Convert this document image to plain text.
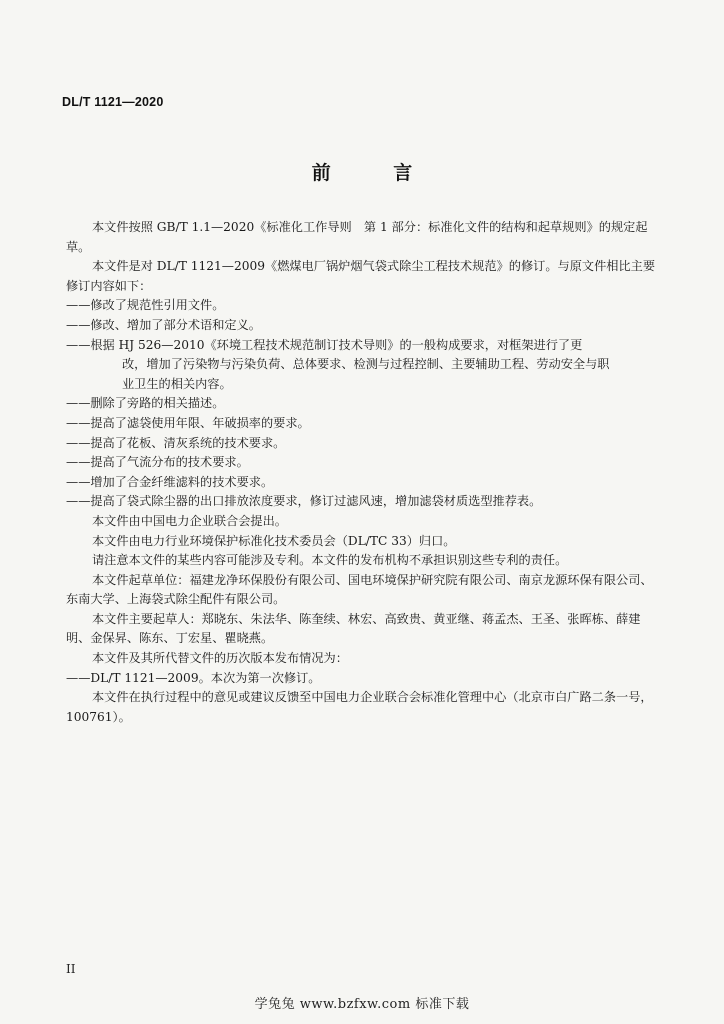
DL/T 1121—2020
前 言

本文件按照 GB/T 1.1—2020《标准化工作导则　第 1 部分：标准化文件的结构和起草规则》的规定起草。

本文件是对 DL/T 1121—2009《燃煤电厂锅炉烟气袋式除尘工程技术规范》的修订。与原文件相比主要修订内容如下：

——修改了规范性引用文件。

——修改、增加了部分术语和定义。

——根据 HJ 526—2010《环境工程技术规范制订技术导则》的一般构成要求，对框架进行了更
改，增加了污染物与污染负荷、总体要求、检测与过程控制、主要辅助工程、劳动安全与职
业卫生的相关内容。

——删除了旁路的相关描述。

——提高了滤袋使用年限、年破损率的要求。

——提高了花板、清灰系统的技术要求。

——提高了气流分布的技术要求。

——增加了合金纤维滤料的技术要求。

——提高了袋式除尘器的出口排放浓度要求，修订过滤风速，增加滤袋材质选型推荐表。

本文件由中国电力企业联合会提出。

本文件由电力行业环境保护标准化技术委员会（DL/TC 33）归口。

请注意本文件的某些内容可能涉及专利。本文件的发布机构不承担识别这些专利的责任。

本文件起草单位：福建龙净环保股份有限公司、国电环境保护研究院有限公司、南京龙源环保有限公司、东南大学、上海袋式除尘配件有限公司。

本文件主要起草人：郑晓东、朱法华、陈奎续、林宏、高致贵、黄亚继、蒋孟杰、王圣、张晖栋、薛建明、金保昇、陈东、丁宏星、瞿晓燕。

本文件及其所代替文件的历次版本发布情况为：

——DL/T 1121—2009。本次为第一次修订。

本文件在执行过程中的意见或建议反馈至中国电力企业联合会标准化管理中心（北京市白广路二条一号，100761）。

II
学兔兔 www.bzfxw.com 标准下载
